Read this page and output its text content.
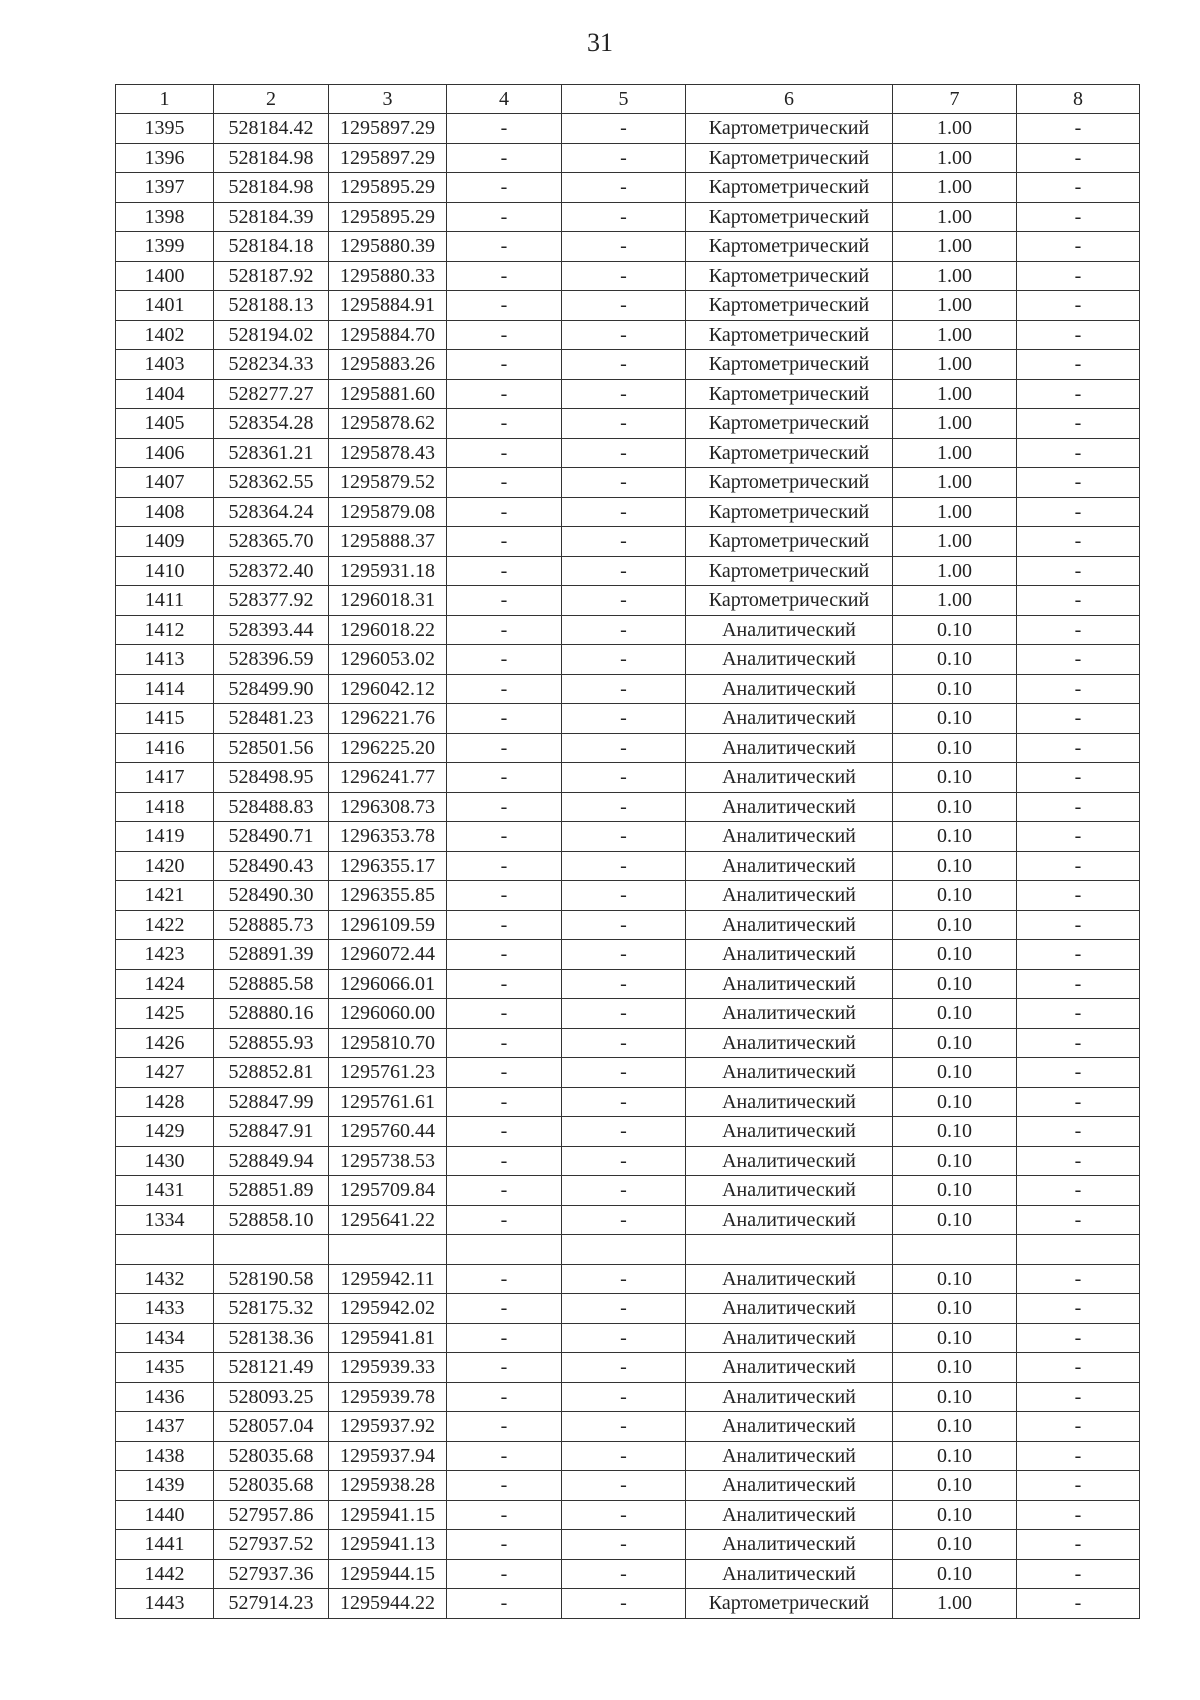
31
1	2	3	4	5	6	7	8
1395	528184.42	1295897.29	-	-	Картометрический	1.00	-
1396	528184.98	1295897.29	-	-	Картометрический	1.00	-
1397	528184.98	1295895.29	-	-	Картометрический	1.00	-
1398	528184.39	1295895.29	-	-	Картометрический	1.00	-
1399	528184.18	1295880.39	-	-	Картометрический	1.00	-
1400	528187.92	1295880.33	-	-	Картометрический	1.00	-
1401	528188.13	1295884.91	-	-	Картометрический	1.00	-
1402	528194.02	1295884.70	-	-	Картометрический	1.00	-
1403	528234.33	1295883.26	-	-	Картометрический	1.00	-
1404	528277.27	1295881.60	-	-	Картометрический	1.00	-
1405	528354.28	1295878.62	-	-	Картометрический	1.00	-
1406	528361.21	1295878.43	-	-	Картометрический	1.00	-
1407	528362.55	1295879.52	-	-	Картометрический	1.00	-
1408	528364.24	1295879.08	-	-	Картометрический	1.00	-
1409	528365.70	1295888.37	-	-	Картометрический	1.00	-
1410	528372.40	1295931.18	-	-	Картометрический	1.00	-
1411	528377.92	1296018.31	-	-	Картометрический	1.00	-
1412	528393.44	1296018.22	-	-	Аналитический	0.10	-
1413	528396.59	1296053.02	-	-	Аналитический	0.10	-
1414	528499.90	1296042.12	-	-	Аналитический	0.10	-
1415	528481.23	1296221.76	-	-	Аналитический	0.10	-
1416	528501.56	1296225.20	-	-	Аналитический	0.10	-
1417	528498.95	1296241.77	-	-	Аналитический	0.10	-
1418	528488.83	1296308.73	-	-	Аналитический	0.10	-
1419	528490.71	1296353.78	-	-	Аналитический	0.10	-
1420	528490.43	1296355.17	-	-	Аналитический	0.10	-
1421	528490.30	1296355.85	-	-	Аналитический	0.10	-
1422	528885.73	1296109.59	-	-	Аналитический	0.10	-
1423	528891.39	1296072.44	-	-	Аналитический	0.10	-
1424	528885.58	1296066.01	-	-	Аналитический	0.10	-
1425	528880.16	1296060.00	-	-	Аналитический	0.10	-
1426	528855.93	1295810.70	-	-	Аналитический	0.10	-
1427	528852.81	1295761.23	-	-	Аналитический	0.10	-
1428	528847.99	1295761.61	-	-	Аналитический	0.10	-
1429	528847.91	1295760.44	-	-	Аналитический	0.10	-
1430	528849.94	1295738.53	-	-	Аналитический	0.10	-
1431	528851.89	1295709.84	-	-	Аналитический	0.10	-
1334	528858.10	1295641.22	-	-	Аналитический	0.10	-

1432	528190.58	1295942.11	-	-	Аналитический	0.10	-
1433	528175.32	1295942.02	-	-	Аналитический	0.10	-
1434	528138.36	1295941.81	-	-	Аналитический	0.10	-
1435	528121.49	1295939.33	-	-	Аналитический	0.10	-
1436	528093.25	1295939.78	-	-	Аналитический	0.10	-
1437	528057.04	1295937.92	-	-	Аналитический	0.10	-
1438	528035.68	1295937.94	-	-	Аналитический	0.10	-
1439	528035.68	1295938.28	-	-	Аналитический	0.10	-
1440	527957.86	1295941.15	-	-	Аналитический	0.10	-
1441	527937.52	1295941.13	-	-	Аналитический	0.10	-
1442	527937.36	1295944.15	-	-	Аналитический	0.10	-
1443	527914.23	1295944.22	-	-	Картометрический	1.00	-
